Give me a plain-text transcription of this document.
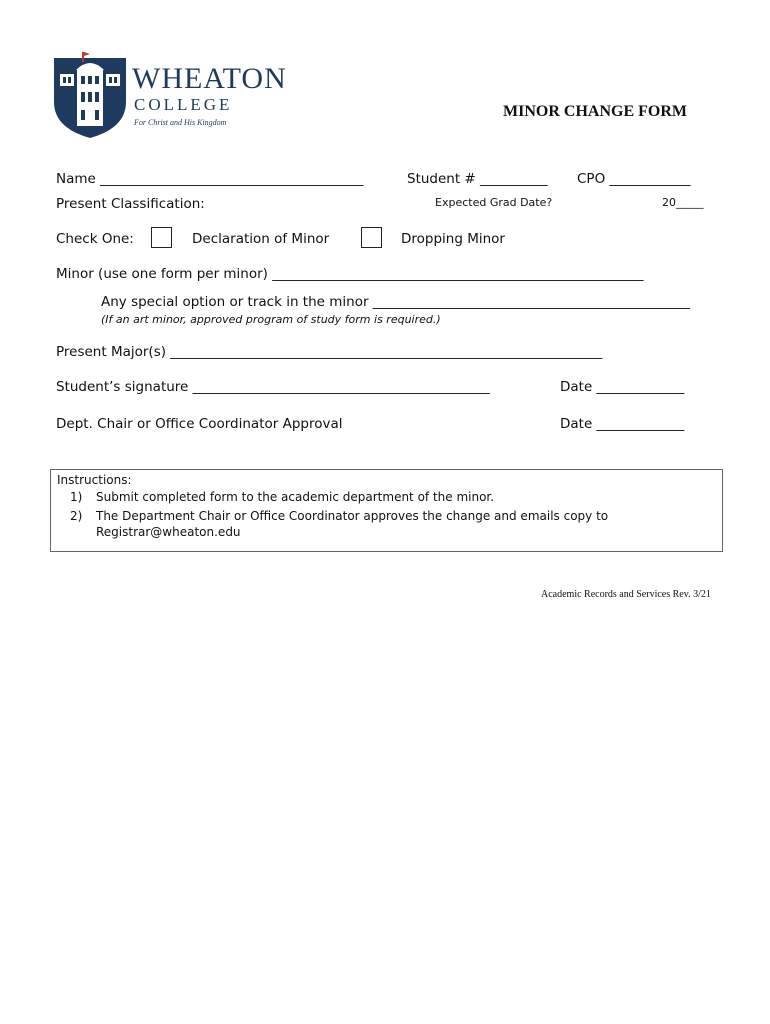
WHEATON
COLLEGE
For Christ and His Kingdom
MINOR CHANGE FORM
Name _______________________________________	Student # __________ CPO ____________
Present Classification:	Expected Grad Date?	20_____
Check One:	Declaration of Minor	Dropping Minor
Minor (use one form per minor) _______________________________________________________
Any special option or track in the minor _______________________________________________
(If an art minor, approved program of study form is required.)
Present Major(s) ________________________________________________________________
Student’s signature ____________________________________________	Date _____________
Dept. Chair or Office Coordinator Approval	Date _____________
Instructions:
1) Submit completed form to the academic department of the minor.
2) The Department Chair or Office Coordinator approves the change and emails copy to
Registrar@wheaton.edu
Academic Records and Services Rev. 3/21
